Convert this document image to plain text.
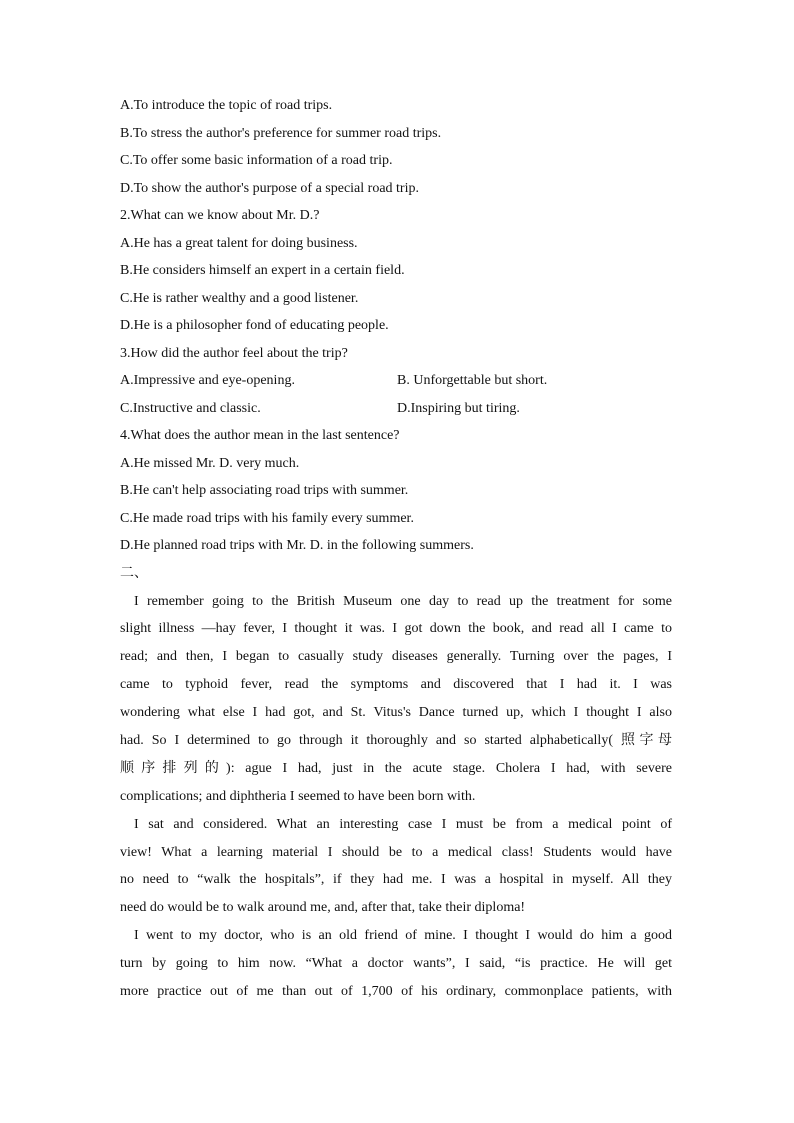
A.To introduce the topic of road trips.
B.To stress the author's preference for summer road trips.
C.To offer some basic information of a road trip.
D.To show the author's purpose of a special road trip.
2.What can we know about Mr. D.?
A.He has a great talent for doing business.
B.He considers himself an expert in a certain field.
C.He is rather wealthy and a good listener.
D.He is a philosopher fond of educating people.
3.How did the author feel about the trip?
A.Impressive and eye-opening.	B. Unforgettable but short.
C.Instructive and classic.	D.Inspiring but tiring.
4.What does the author mean in the last sentence?
A.He missed Mr. D. very much.
B.He can't help associating road trips with summer.
C.He made road trips with his family every summer.
D.He planned road trips with Mr. D. in the following summers.
二、

I remember going to the British Museum one day to read up the treatment for some
slight illness —hay fever, I thought it was. I got down the book, and read all I came to
read; and then, I began to casually study diseases generally. Turning over the pages, I
came to typhoid fever, read the symptoms and discovered that I had it. I was
wondering what else I had got, and St. Vitus's Dance turned up, which I thought I also
had. So I determined to go through it thoroughly and so started alphabetically( 照字母
顺序排列的): ague I had, just in the acute stage. Cholera I had, with severe
complications; and diphtheria I seemed to have been born with.

I sat and considered. What an interesting case I must be from a medical point of
view! What a learning material I should be to a medical class! Students would have
no need to “walk the hospitals”, if they had me. I was a hospital in myself. All they
need do would be to walk around me, and, after that, take their diploma!

I went to my doctor, who is an old friend of mine. I thought I would do him a good
turn by going to him now. “What a doctor wants”, I said, “is practice. He will get
more practice out of me than out of 1,700 of his ordinary, commonplace patients, with
